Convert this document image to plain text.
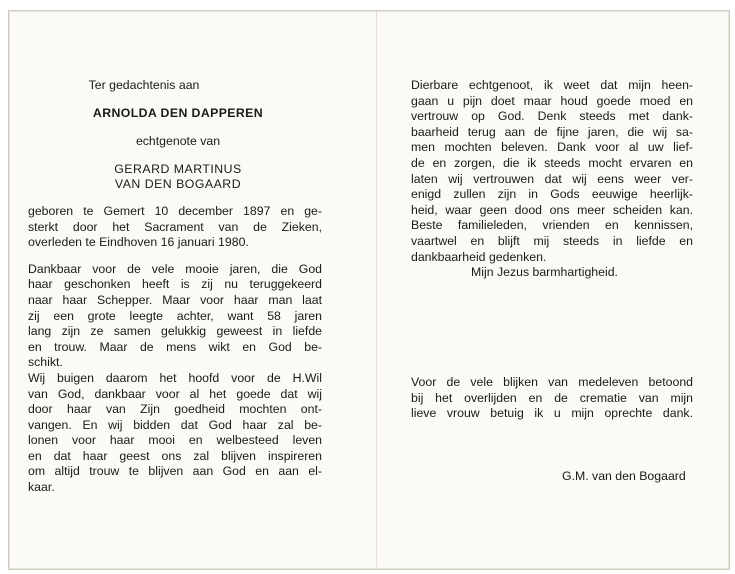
Ter gedachtenis aan
ARNOLDA DEN DAPPEREN
echtgenote van
GERARD MARTINUS
VAN DEN BOGAARD
geboren te Gemert 10 december 1897 en ge-
sterkt door het Sacrament van de Zieken,
overleden te Eindhoven 16 januari 1980.
Dankbaar voor de vele mooie jaren, die God
haar geschonken heeft is zij nu teruggekeerd
naar haar Schepper. Maar voor haar man laat
zij een grote leegte achter, want 58 jaren
lang zijn ze samen gelukkig geweest in liefde
en trouw. Maar de mens wikt en God be-
schikt.
Wij buigen daarom het hoofd voor de H.Wil
van God, dankbaar voor al het goede dat wij
door haar van Zijn goedheid mochten ont-
vangen. En wij bidden dat God haar zal be-
lonen voor haar mooi en welbesteed leven
en dat haar geest ons zal blijven inspireren
om altijd trouw te blijven aan God en aan el-
kaar.
Dierbare echtgenoot, ik weet dat mijn heen-
gaan u pijn doet maar houd goede moed en
vertrouw op God. Denk steeds met dank-
baarheid terug aan de fijne jaren, die wij sa-
men mochten beleven. Dank voor al uw lief-
de en zorgen, die ik steeds mocht ervaren en
laten wij vertrouwen dat wij eens weer ver-
enigd zullen zijn in Gods eeuwige heerlijk-
heid, waar geen dood ons meer scheiden kan.
Beste familieleden, vrienden en kennissen,
vaartwel en blijft mij steeds in liefde en
dankbaarheid gedenken.
Mijn Jezus barmhartigheid.
Voor de vele blijken van medeleven betoond
bij het overlijden en de crematie van mijn
lieve vrouw betuig ik u mijn oprechte dank.
G.M. van den Bogaard
